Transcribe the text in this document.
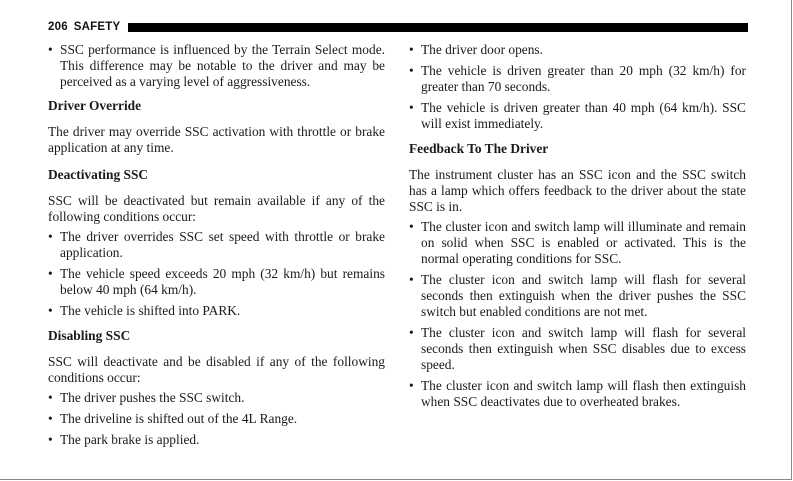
206 SAFETY
• SSC performance is influenced by the Terrain Select mode. This difference may be notable to the driver and may be perceived as a varying level of aggressiveness.
Driver Override
The driver may override SSC activation with throttle or brake application at any time.
Deactivating SSC
SSC will be deactivated but remain available if any of the following conditions occur:
• The driver overrides SSC set speed with throttle or brake application.
• The vehicle speed exceeds 20 mph (32 km/h) but remains below 40 mph (64 km/h).
• The vehicle is shifted into PARK.
Disabling SSC
SSC will deactivate and be disabled if any of the following conditions occur:
• The driver pushes the SSC switch.
• The driveline is shifted out of the 4L Range.
• The park brake is applied.
• The driver door opens.
• The vehicle is driven greater than 20 mph (32 km/h) for greater than 70 seconds.
• The vehicle is driven greater than 40 mph (64 km/h). SSC will exist immediately.
Feedback To The Driver
The instrument cluster has an SSC icon and the SSC switch has a lamp which offers feedback to the driver about the state SSC is in.
• The cluster icon and switch lamp will illuminate and remain on solid when SSC is enabled or activated. This is the normal operating conditions for SSC.
• The cluster icon and switch lamp will flash for several seconds then extinguish when the driver pushes the SSC switch but enabled conditions are not met.
• The cluster icon and switch lamp will flash for several seconds then extinguish when SSC disables due to excess speed.
• The cluster icon and switch lamp will flash then extinguish when SSC deactivates due to overheated brakes.
